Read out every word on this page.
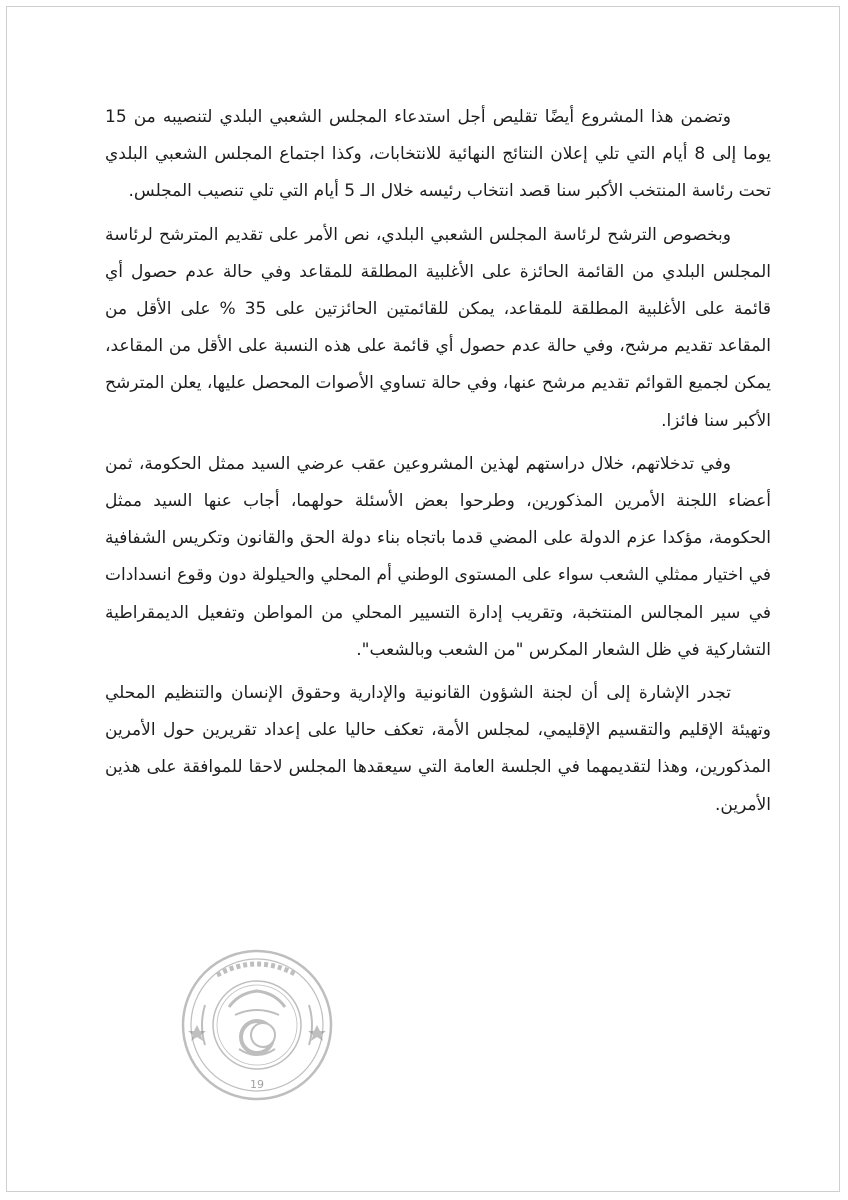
وتضمن هذا المشروع أيضًا تقليص أجل استدعاء المجلس الشعبي البلدي لتنصيبه من 15 يوما إلى 8 أيام التي تلي إعلان النتائج النهائية للانتخابات، وكذا اجتماع المجلس الشعبي البلدي تحت رئاسة المنتخب الأكبر سنا قصد انتخاب رئيسه خلال الـ 5 أيام التي تلي تنصيب المجلس.

وبخصوص الترشح لرئاسة المجلس الشعبي البلدي، نص الأمر على تقديم المترشح لرئاسة المجلس البلدي من القائمة الحائزة على الأغلبية المطلقة للمقاعد وفي حالة عدم حصول أي قائمة على الأغلبية المطلقة للمقاعد، يمكن للقائمتين الحائزتين على 35 % على الأقل من المقاعد تقديم مرشح، وفي حالة عدم حصول أي قائمة على هذه النسبة على الأقل من المقاعد، يمكن لجميع القوائم تقديم مرشح عنها، وفي حالة تساوي الأصوات المحصل عليها، يعلن المترشح الأكبر سنا فائزا.

وفي تدخلاتهم، خلال دراستهم لهذين المشروعين عقب عرضي السيد ممثل الحكومة، ثمن أعضاء اللجنة الأمرين المذكورين، وطرحوا بعض الأسئلة حولهما، أجاب عنها السيد ممثل الحكومة، مؤكدا عزم الدولة على المضي قدما باتجاه بناء دولة الحق والقانون وتكريس الشفافية في اختيار ممثلي الشعب سواء على المستوى الوطني أم المحلي والحيلولة دون وقوع انسدادات في سير المجالس المنتخبة، وتقريب إدارة التسيير المحلي من المواطن وتفعيل الديمقراطية التشاركية في ظل الشعار المكرس "من الشعب وبالشعب".

تجدر الإشارة إلى أن لجنة الشؤون القانونية والإدارية وحقوق الإنسان والتنظيم المحلي وتهيئة الإقليم والتقسيم الإقليمي، لمجلس الأمة، تعكف حاليا على إعداد تقريرين حول الأمرين المذكورين، وهذا لتقديمهما في الجلسة العامة التي سيعقدها المجلس لاحقا للموافقة على هذين الأمرين.

19
